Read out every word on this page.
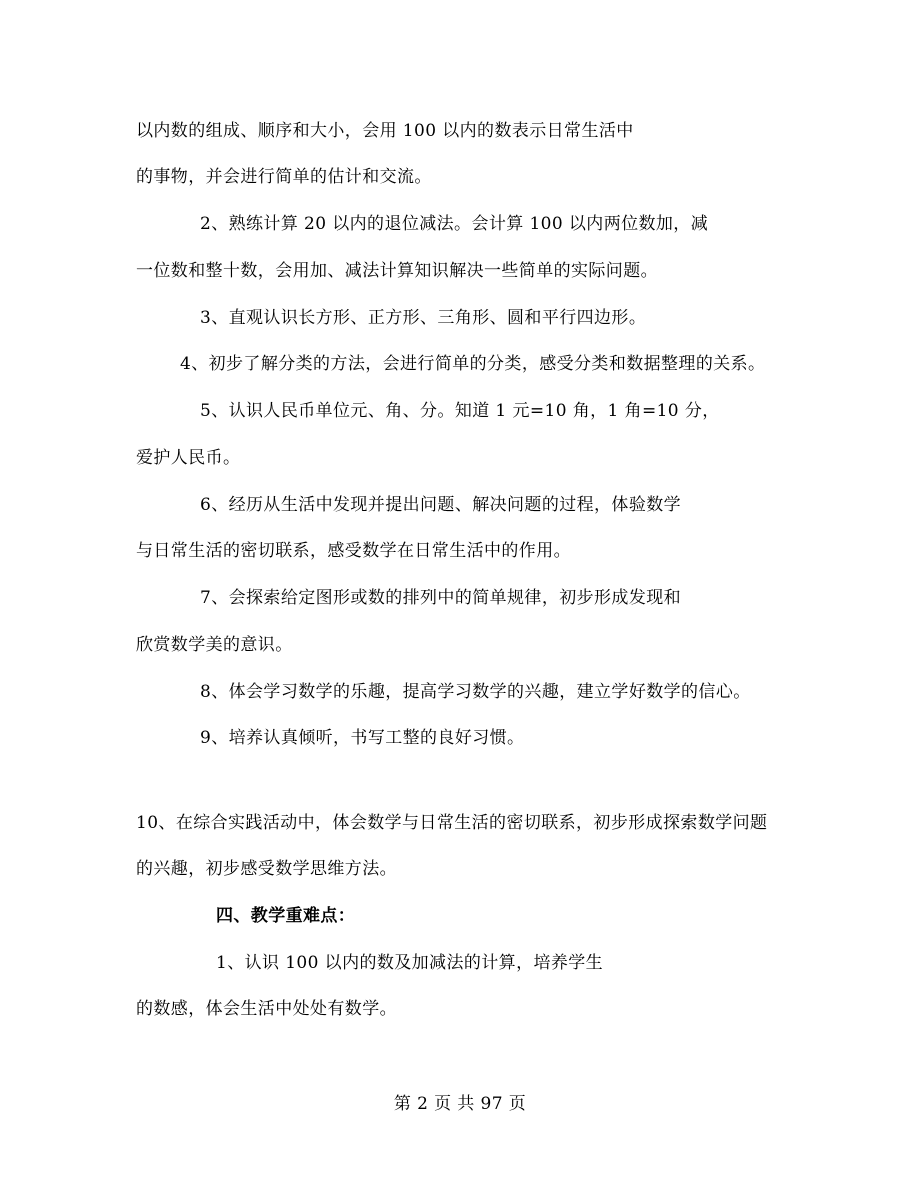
以内数的组成、顺序和大小，会用 100 以内的数表示日常生活中
的事物，并会进行简单的估计和交流。
2、熟练计算 20 以内的退位减法。会计算 100 以内两位数加，减
一位数和整十数，会用加、减法计算知识解决一些简单的实际问题。
3、直观认识长方形、正方形、三角形、圆和平行四边形。
4、初步了解分类的方法，会进行简单的分类，感受分类和数据整理的关系。
5、认识人民币单位元、角、分。知道 1 元=10 角，1 角=10 分，
爱护人民币。
6、经历从生活中发现并提出问题、解决问题的过程，体验数学
与日常生活的密切联系，感受数学在日常生活中的作用。
7、会探索给定图形或数的排列中的简单规律，初步形成发现和
欣赏数学美的意识。
8、体会学习数学的乐趣，提高学习数学的兴趣，建立学好数学的信心。
9、培养认真倾听，书写工整的良好习惯。
10、在综合实践活动中，体会数学与日常生活的密切联系，初步形成探索数学问题
的兴趣，初步感受数学思维方法。
四、教学重难点：
1、认识 100 以内的数及加减法的计算，培养学生
的数感，体会生活中处处有数学。
第 2 页 共 97 页
